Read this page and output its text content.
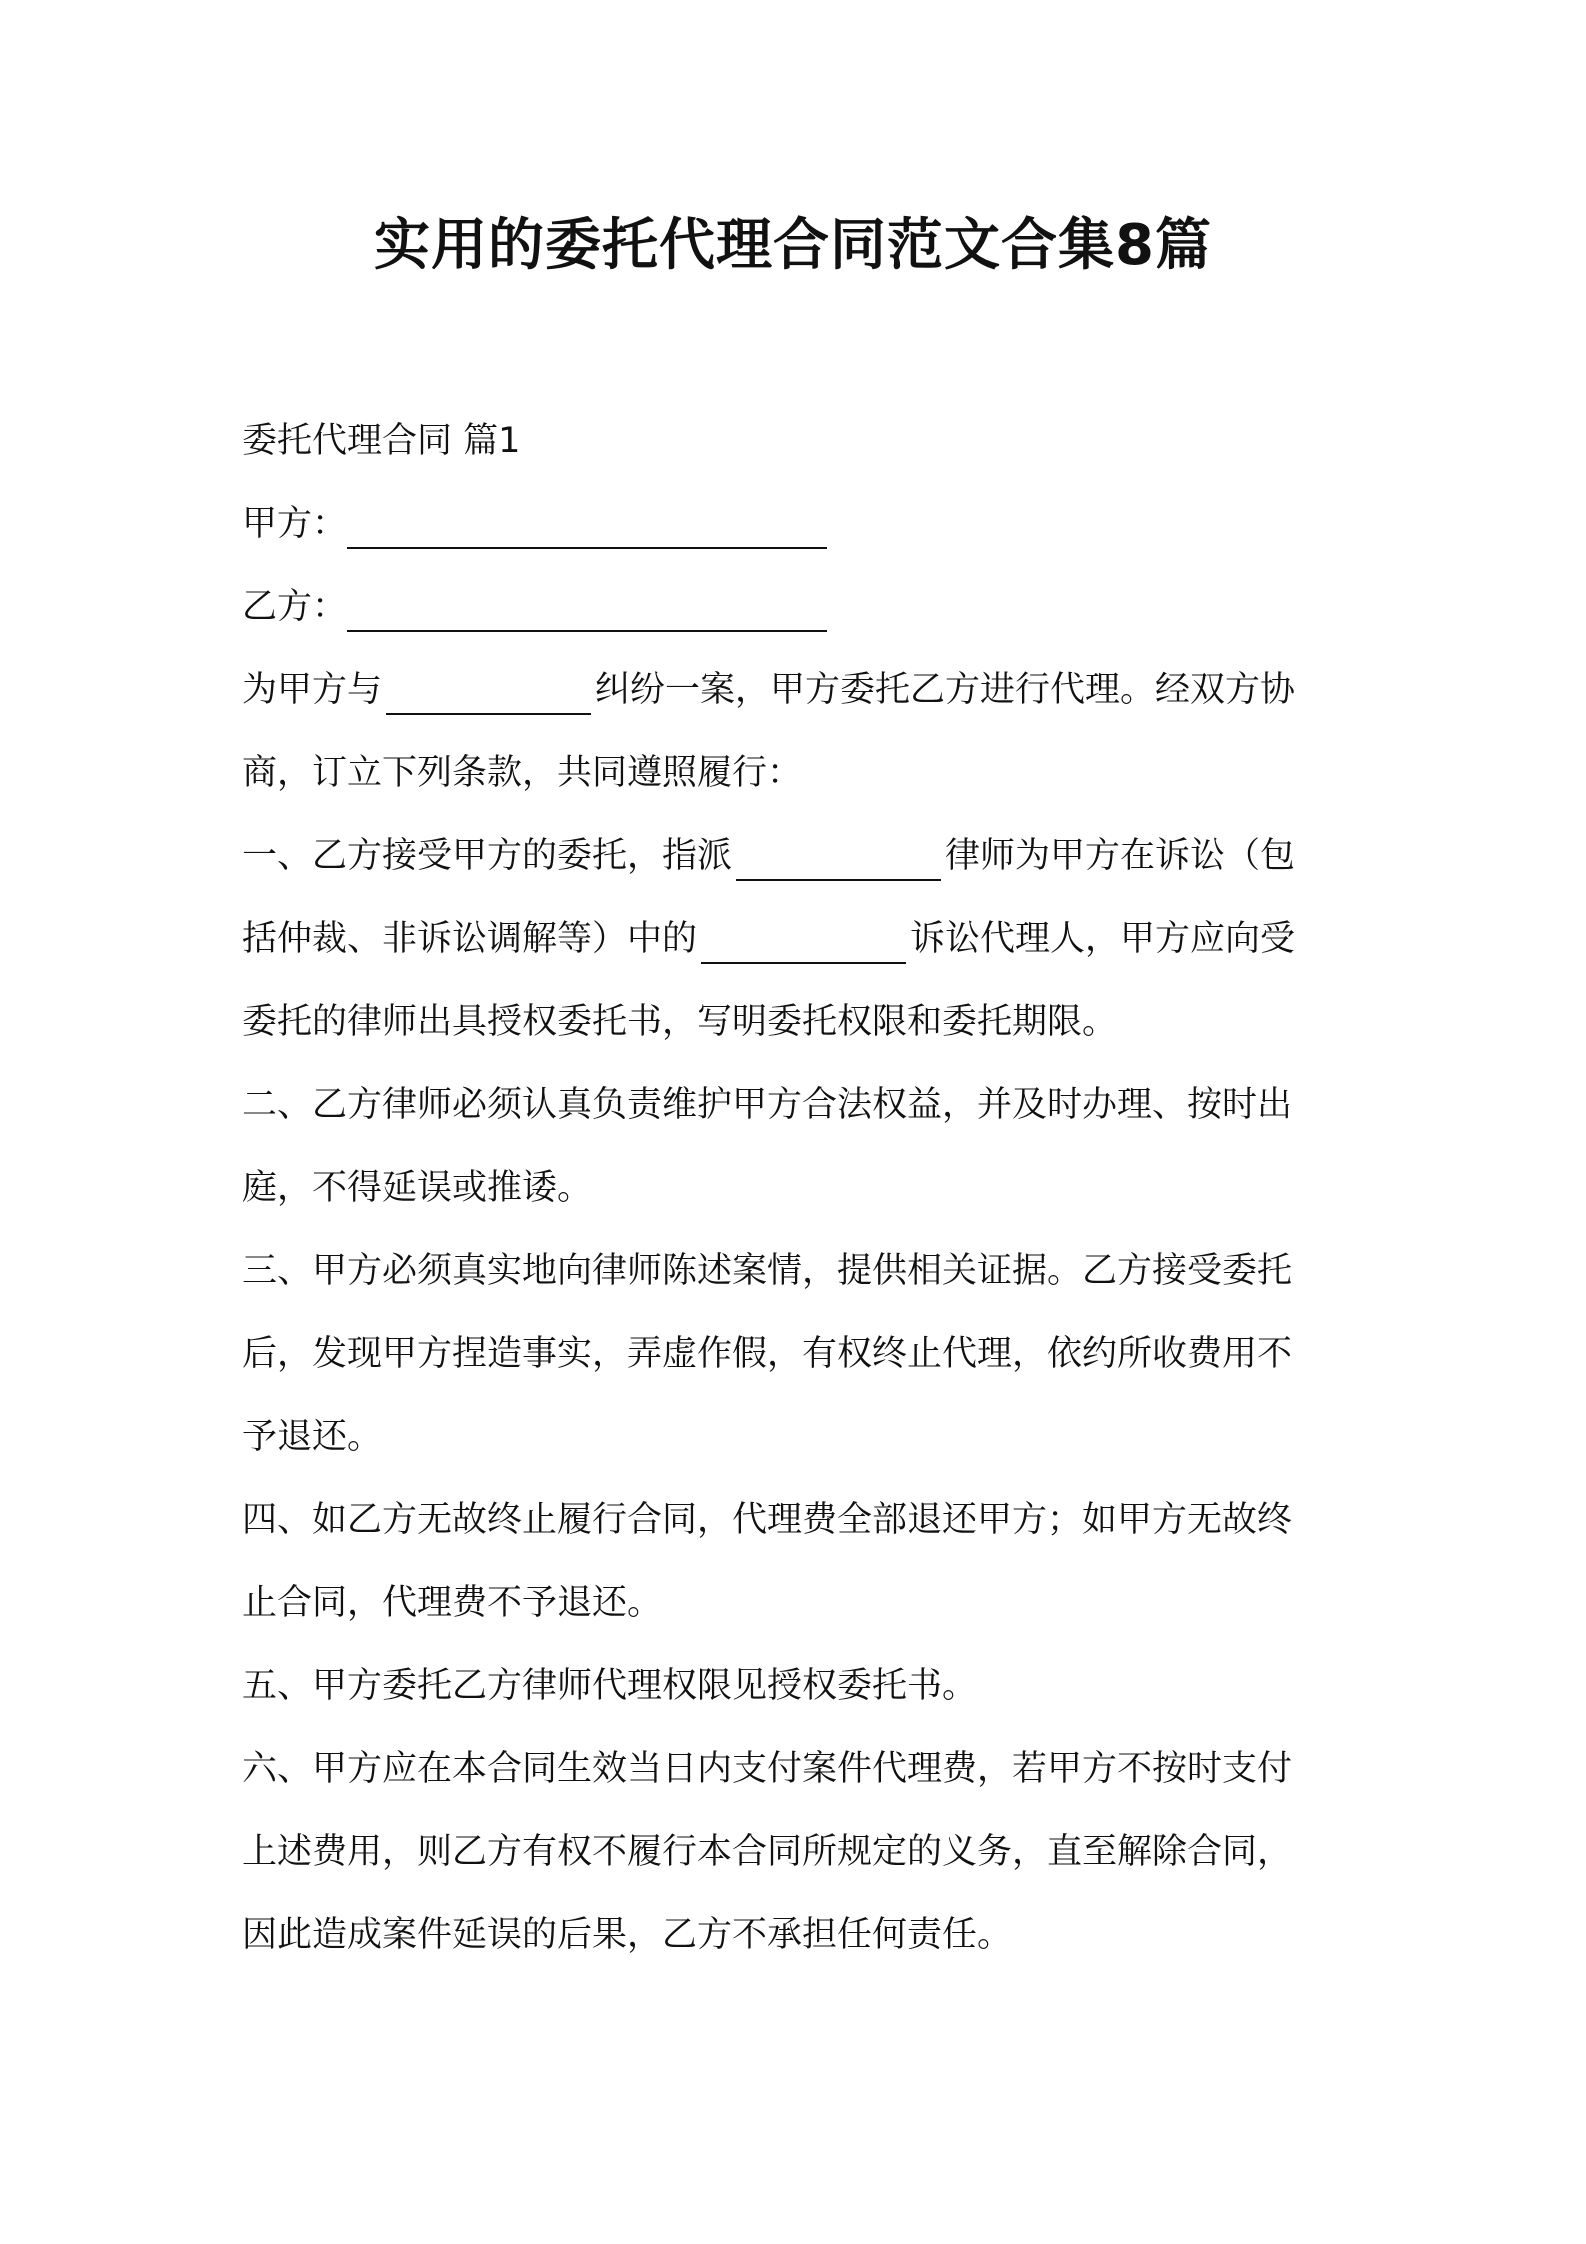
实用的委托代理合同范文合集8篇
委托代理合同 篇1
甲方：
乙方：
为甲方与	纠纷一案，甲方委托乙方进行代理。经双方协
商，订立下列条款，共同遵照履行：
一、乙方接受甲方的委托，指派	律师为甲方在诉讼（包
括仲裁、非诉讼调解等）中的	诉讼代理人，甲方应向受
委托的律师出具授权委托书，写明委托权限和委托期限。
二、乙方律师必须认真负责维护甲方合法权益，并及时办理、按时出
庭，不得延误或推诿。
三、甲方必须真实地向律师陈述案情，提供相关证据。乙方接受委托
后，发现甲方捏造事实，弄虚作假，有权终止代理，依约所收费用不
予退还。
四、如乙方无故终止履行合同，代理费全部退还甲方；如甲方无故终
止合同，代理费不予退还。
五、甲方委托乙方律师代理权限见授权委托书。
六、甲方应在本合同生效当日内支付案件代理费，若甲方不按时支付
上述费用，则乙方有权不履行本合同所规定的义务，直至解除合同，
因此造成案件延误的后果，乙方不承担任何责任。
